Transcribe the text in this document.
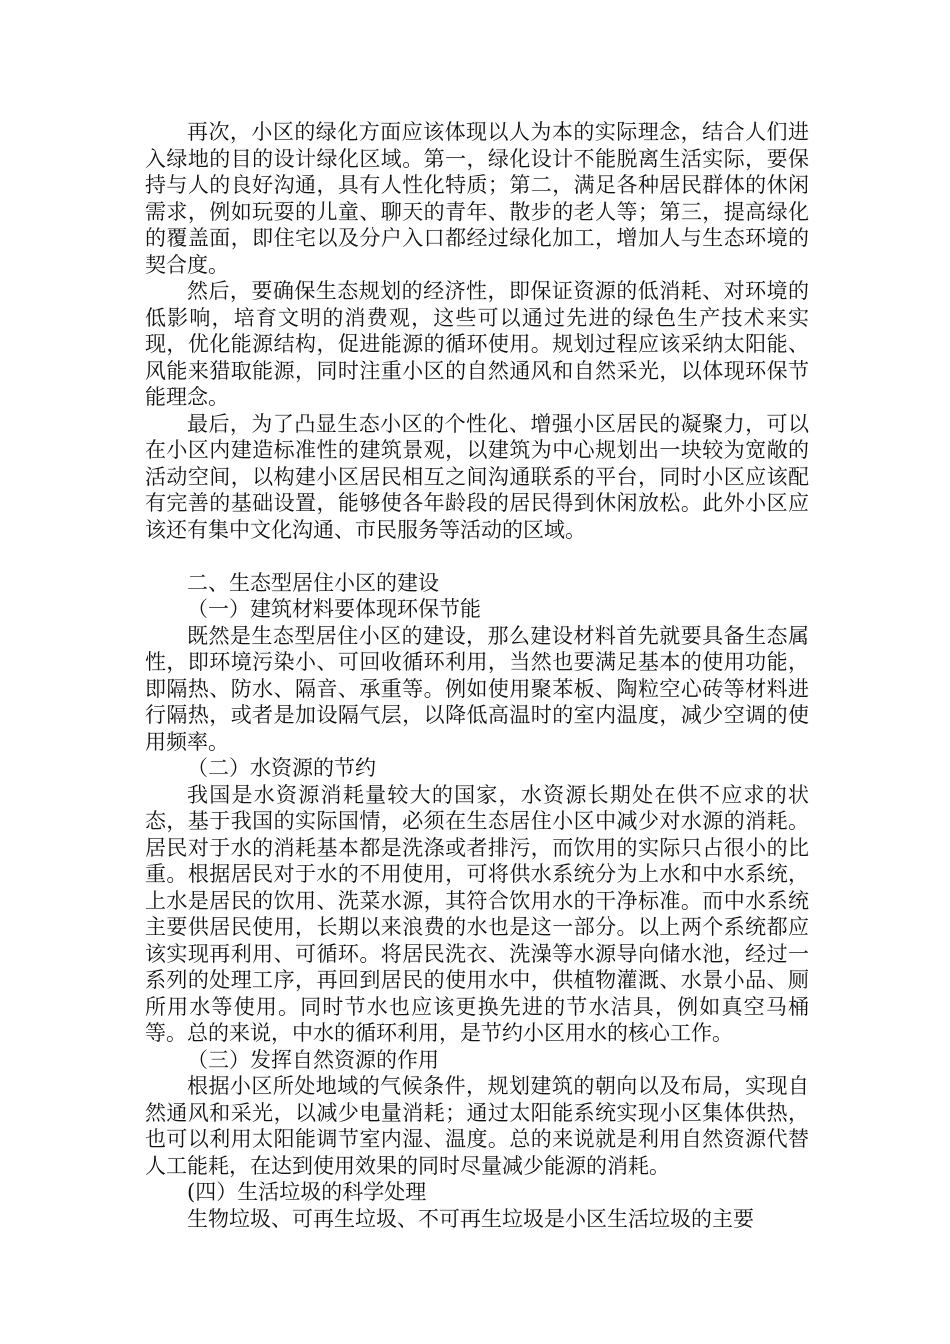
再次，小区的绿化方面应该体现以人为本的实际理念，结合人们进入绿地的目的设计绿化区域。第一，绿化设计不能脱离生活实际，要保持与人的良好沟通，具有人性化特质；第二，满足各种居民群体的休闲需求，例如玩耍的儿童、聊天的青年、散步的老人等；第三，提高绿化的覆盖面，即住宅以及分户入口都经过绿化加工，增加人与生态环境的契合度。

然后，要确保生态规划的经济性，即保证资源的低消耗、对环境的低影响，培育文明的消费观，这些可以通过先进的绿色生产技术来实现，优化能源结构，促进能源的循环使用。规划过程应该采纳太阳能、风能来猎取能源，同时注重小区的自然通风和自然采光，以体现环保节能理念。

最后，为了凸显生态小区的个性化、增强小区居民的凝聚力，可以在小区内建造标准性的建筑景观，以建筑为中心规划出一块较为宽敞的活动空间，以构建小区居民相互之间沟通联系的平台，同时小区应该配有完善的基础设置，能够使各年龄段的居民得到休闲放松。此外小区应该还有集中文化沟通、市民服务等活动的区域。

二、生态型居住小区的建设

（一）建筑材料要体现环保节能

既然是生态型居住小区的建设，那么建设材料首先就要具备生态属性，即环境污染小、可回收循环利用，当然也要满足基本的使用功能，即隔热、防水、隔音、承重等。例如使用聚苯板、陶粒空心砖等材料进行隔热，或者是加设隔气层，以降低高温时的室内温度，减少空调的使用频率。

（二）水资源的节约

我国是水资源消耗量较大的国家，水资源长期处在供不应求的状态，基于我国的实际国情，必须在生态居住小区中减少对水源的消耗。居民对于水的消耗基本都是洗涤或者排污，而饮用的实际只占很小的比重。根据居民对于水的不用使用，可将供水系统分为上水和中水系统，上水是居民的饮用、洗菜水源，其符合饮用水的干净标准。而中水系统主要供居民使用，长期以来浪费的水也是这一部分。以上两个系统都应该实现再利用、可循环。将居民洗衣、洗澡等水源导向储水池，经过一系列的处理工序，再回到居民的使用水中，供植物灌溉、水景小品、厕所用水等使用。同时节水也应该更换先进的节水洁具，例如真空马桶等。总的来说，中水的循环利用，是节约小区用水的核心工作。

（三）发挥自然资源的作用

根据小区所处地域的气候条件，规划建筑的朝向以及布局，实现自然通风和采光，以减少电量消耗；通过太阳能系统实现小区集体供热，也可以利用太阳能调节室内湿、温度。总的来说就是利用自然资源代替人工能耗，在达到使用效果的同时尽量减少能源的消耗。

(四）生活垃圾的科学处理

生物垃圾、可再生垃圾、不可再生垃圾是小区生活垃圾的主要
